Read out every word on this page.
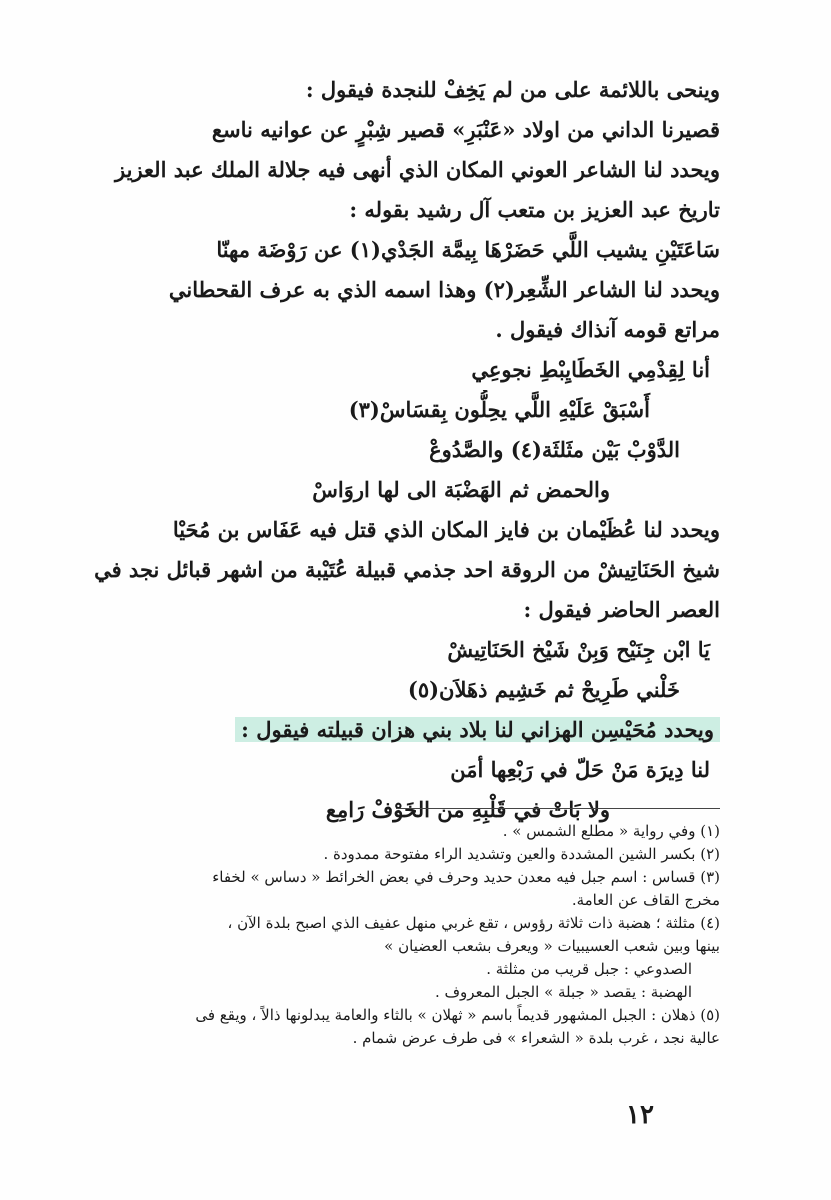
وينحى باللائمة على من لم يَخِفْ للنجدة فيقول :
قصيرنا الداني من اولاد «عَنْبَرِ» قصير شِبْرٍ عن عوانيه ناسع
ويحدد لنا الشاعر العوني المكان الذي أنهى فيه جلالة الملك عبد العزيز
تاريخ عبد العزيز بن متعب آل رشيد بقوله :
سَاعَتَيْنِ يشيب اللَّي حَضَرْهَا بِيمَّة الجَدْي(١) عن رَوْضَة مهنّا
ويحدد لنا الشاعر الشِّعِر(٢) وهذا اسمه الذي به عرف القحطاني
مراتع قومه آنذاك فيقول .
أنا لِقِدْمِي الخَطَايِبْطِ نجوعِي
أَسْبَقْ عَلَيْهِ اللَّي يحِلُّون بِقسَاسْ(٣)
الدَّوْبْ بَيْن مثَلثَة(٤) والصَّدُوعْ
والحمض ثم الهَضْبَة الى لها اروَاسْ
ويحدد لنا عُظَيْمان بن فايز المكان الذي قتل فيه عَفَاس بن مُحَيْا
شيخ الحَنَاتِيشْ من الروقة احد جذمي قبيلة عُتَيْبة من اشهر قبائل نجد في
العصر الحاضر فيقول :
يَا ابْن جِنَيْح وَبِنْ شَيْخ الحَنَاتِيشْ
خَلْني طَرِيحْ ثم خَشِيم ذهَلاَن(٥)
ويحدد مُحَيْسِن الهزاني لنا بلاد بني هزان قبيلته فيقول :
لنا دِيرَة مَنْ حَلّ في رَبْعِها أمَن
ولا بَاتْ في قَلْبِهِ من الخَوْفْ رَامِع
(١) وفي رواية « مطلع الشمس » .
(٢) بكسر الشين المشددة والعين وتشديد الراء مفتوحة ممدودة .
(٣) قساس : اسم جبل فيه معدن حديد وحرف في بعض الخرائط « دساس » لخفاء
مخرج القاف عن العامة.
(٤) مثلثة ؛ هضبة ذات ثلاثة رؤوس ، تقع غربي منهل عفيف الذي اصبح بلدة الآن ،
بينها وبين شعب العسيبيات « ويعرف بشعب العضيان »
الصدوعي : جبل قريب من مثلثة .
الهضبة : يقصد « جبلة » الجبل المعروف .
(٥) ذهلان : الجبل المشهور قديماً باسم « ثهلان » بالثاء والعامة يبدلونها ذالاً ، ويقع فى
عالية نجد ، غرب بلدة « الشعراء » فى طرف عرض شمام .
١٢
